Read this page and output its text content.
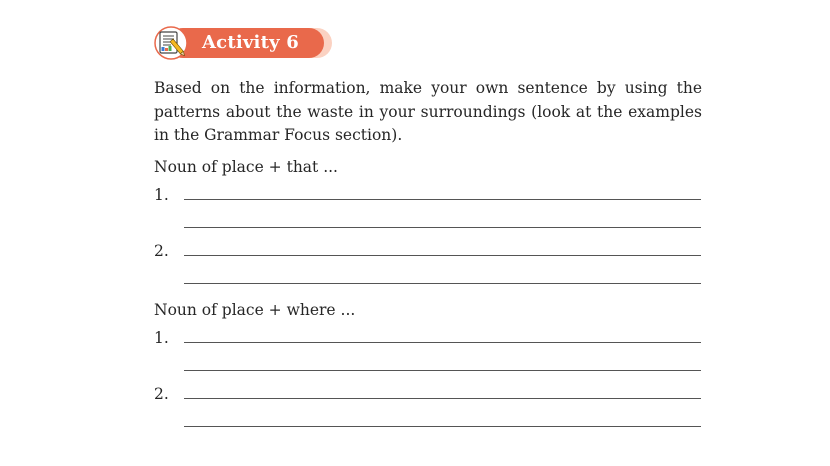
Activity 6

Based on the information, make your own sentence by using the patterns about the waste in your surroundings (look at the examples in the Grammar Focus section).

Noun of place + that ...

1.
2.

Noun of place + where ...

1.
2.
